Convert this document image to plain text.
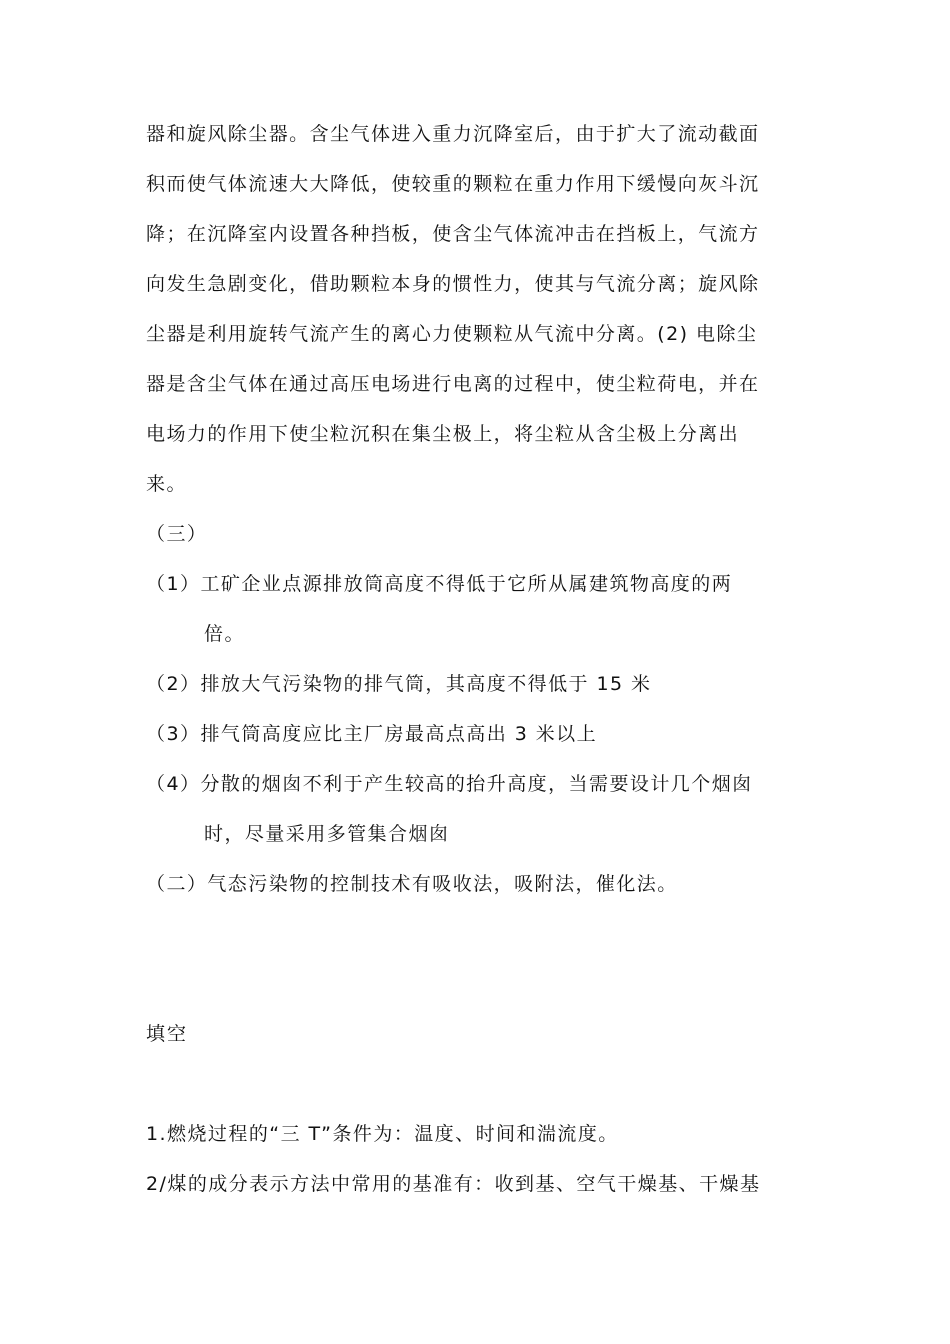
器和旋风除尘器。含尘气体进入重力沉降室后，由于扩大了流动截面
积而使气体流速大大降低，使较重的颗粒在重力作用下缓慢向灰斗沉
降；在沉降室内设置各种挡板，使含尘气体流冲击在挡板上，气流方
向发生急剧变化，借助颗粒本身的惯性力，使其与气流分离；旋风除
尘器是利用旋转气流产生的离心力使颗粒从气流中分离。(2) 电除尘
器是含尘气体在通过高压电场进行电离的过程中，使尘粒荷电，并在
电场力的作用下使尘粒沉积在集尘极上，将尘粒从含尘极上分离出
来。
（三）
（1）工矿企业点源排放筒高度不得低于它所从属建筑物高度的两
倍。
（2）排放大气污染物的排气筒，其高度不得低于 15 米
（3）排气筒高度应比主厂房最高点高出 3 米以上
（4）分散的烟囱不利于产生较高的抬升高度，当需要设计几个烟囱
时，尽量采用多管集合烟囱
（二）气态污染物的控制技术有吸收法，吸附法，催化法。
填空
1.燃烧过程的“三 T”条件为：温度、时间和湍流度。
2/煤的成分表示方法中常用的基准有：收到基、空气干燥基、干燥基
